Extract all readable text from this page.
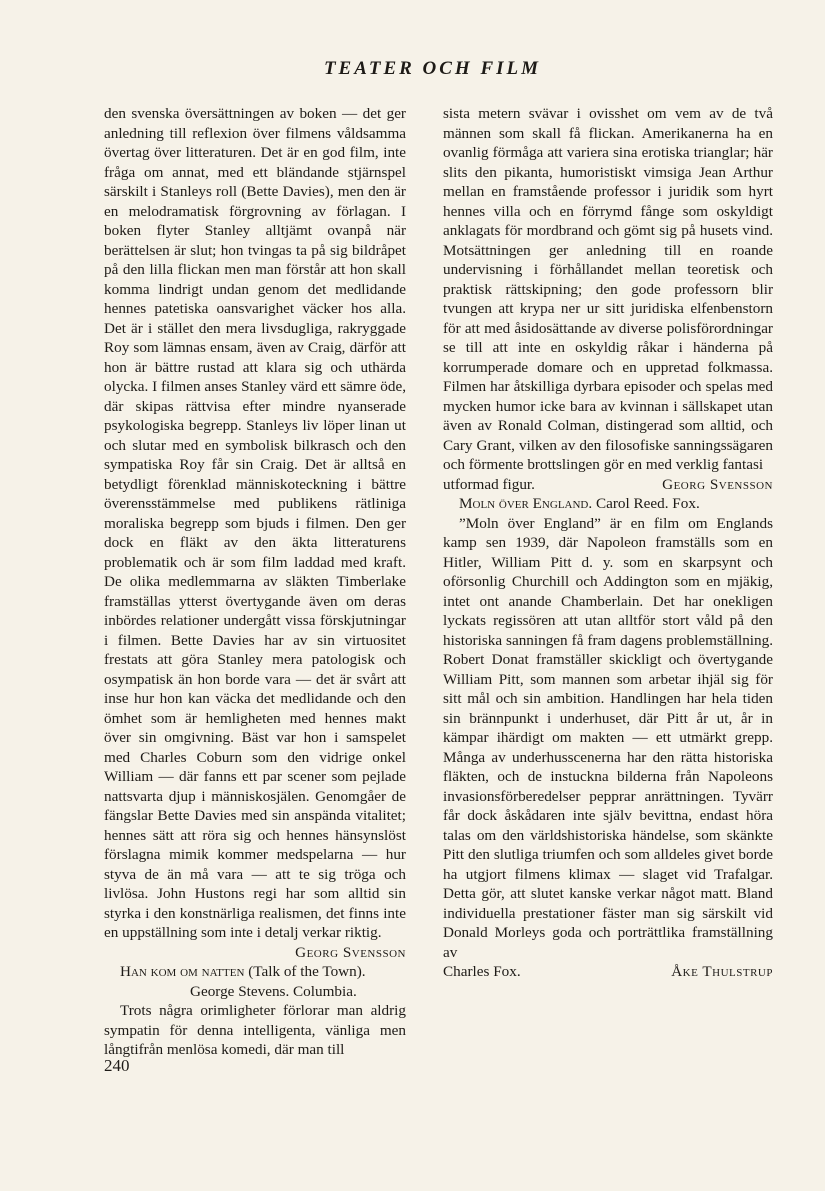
TEATER OCH FILM

den svenska översättningen av boken — det ger anledning till reflexion över filmens våldsamma övertag över litteraturen. Det är en god film, inte fråga om annat, med ett bländande stjärnspel särskilt i Stanleys roll (Bette Davies), men den är en melodramatisk förgrovning av förlagan. I boken flyter Stanley alltjämt ovanpå när berättelsen är slut; hon tvingas ta på sig bildråpet på den lilla flickan men man förstår att hon skall komma lindrigt undan genom det medlidande hennes patetiska oansvarighet väcker hos alla. Det är i stället den mera livsdugliga, rakryggade Roy som lämnas ensam, även av Craig, därför att hon är bättre rustad att klara sig och uthärda olycka. I filmen anses Stanley värd ett sämre öde, där skipas rättvisa efter mindre nyanserade psykologiska begrepp. Stanleys liv löper linan ut och slutar med en symbolisk bilkrasch och den sympatiska Roy får sin Craig. Det är alltså en betydligt förenklad människoteckning i bättre överensstämmelse med publikens rätliniga moraliska begrepp som bjuds i filmen. Den ger dock en fläkt av den äkta litteraturens problematik och är som film laddad med kraft. De olika medlemmarna av släkten Timberlake framställas ytterst övertygande även om deras inbördes relationer undergått vissa förskjutningar i filmen. Bette Davies har av sin virtuositet frestats att göra Stanley mera patologisk och osympatisk än hon borde vara — det är svårt att inse hur hon kan väcka det medlidande och den ömhet som är hemligheten med hennes makt över sin omgivning. Bäst var hon i samspelet med Charles Coburn som den vidrige onkel William — där fanns ett par scener som pejlade nattsvarta djup i människosjälen. Genomgåer de fängslar Bette Davies med sin anspända vitalitet; hennes sätt att röra sig och hennes hänsynslöst förslagna mimik kommer medspelarna — hur styva de än må vara — att te sig tröga och livlösa. John Hustons regi har som alltid sin styrka i den konstnärliga realismen, det finns inte en uppställning som inte i detalj verkar riktig.

Georg Svensson

Han kom om natten (Talk of the Town).
George Stevens. Columbia.

Trots några orimligheter förlorar man aldrig sympatin för denna intelligenta, vänliga men långtifrån menlösa komedi, där man till

sista metern svävar i ovisshet om vem av de två männen som skall få flickan. Amerikanerna ha en ovanlig förmåga att variera sina erotiska trianglar; här slits den pikanta, humoristiskt vimsiga Jean Arthur mellan en framstående professor i juridik som hyrt hennes villa och en förrymd fånge som oskyldigt anklagats för mordbrand och gömt sig på husets vind. Motsättningen ger anledning till en roande undervisning i förhållandet mellan teoretisk och praktisk rättskipning; den gode professorn blir tvungen att krypa ner ur sitt juridiska elfenbenstorn för att med åsidosättande av diverse polisförordningar se till att inte en oskyldig råkar i händerna på korrumperade domare och en uppretad folkmassa. Filmen har åtskilliga dyrbara episoder och spelas med mycken humor icke bara av kvinnan i sällskapet utan även av Ronald Colman, distingerad som alltid, och Cary Grant, vilken av den filosofiske sanningssägaren och förmente brottslingen gör en med verklig fantasi

utformad figur.	Georg Svensson

Moln över England. Carol Reed. Fox.

”Moln över England” är en film om Englands kamp sen 1939, där Napoleon framställs som en Hitler, William Pitt d. y. som en skarpsynt och oförsonlig Churchill och Addington som en mjäkig, intet ont anande Chamberlain. Det har onekligen lyckats regissören att utan alltför stort våld på den historiska sanningen få fram dagens problemställning. Robert Donat framställer skickligt och övertygande William Pitt, som mannen som arbetar ihjäl sig för sitt mål och sin ambition. Handlingen har hela tiden sin brännpunkt i underhuset, där Pitt år ut, år in kämpar ihärdigt om makten — ett utmärkt grepp. Många av underhusscenerna har den rätta historiska fläkten, och de instuckna bilderna från Napoleons invasionsförberedelser pepprar anrättningen. Tyvärr får dock åskådaren inte själv bevittna, endast höra talas om den världshistoriska händelse, som skänkte Pitt den slutliga triumfen och som alldeles givet borde ha utgjort filmens klimax — slaget vid Trafalgar. Detta gör, att slutet kanske verkar något matt. Bland individuella prestationer fäster man sig särskilt vid Donald Morleys goda och porträttlika framställning av

Charles Fox.	Åke Thulstrup
240
